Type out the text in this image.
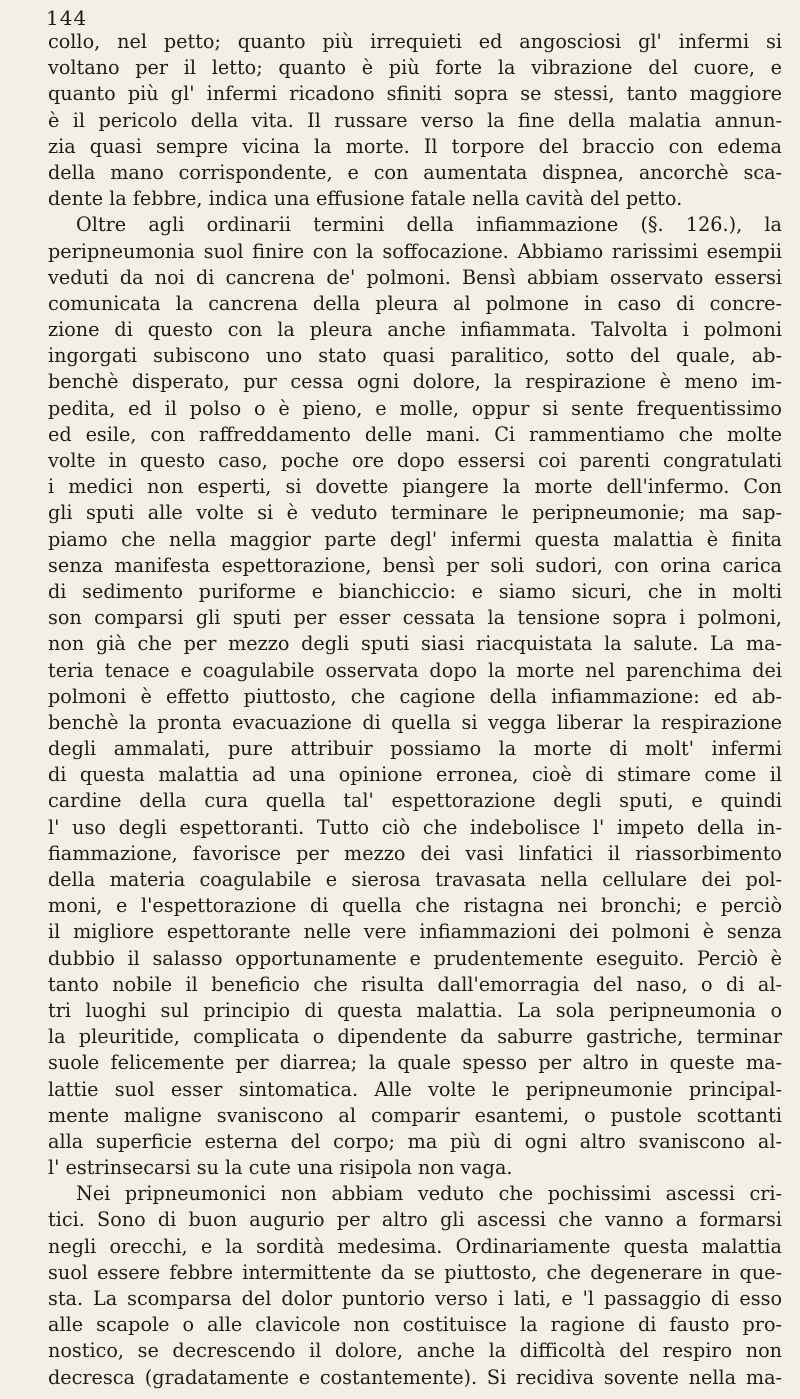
144
collo, nel petto; quanto più irrequieti ed angosciosi gl' infermi si
voltano per il letto; quanto è più forte la vibrazione del cuore, e
quanto più gl' infermi ricadono sfiniti sopra se stessi, tanto maggiore
è il pericolo della vita. Il russare verso la fine della malatia annun-
zia quasi sempre vicina la morte. Il torpore del braccio con edema
della mano corrispondente, e con aumentata dispnea, ancorchè sca-
dente la febbre, indica una effusione fatale nella cavità del petto.
Oltre agli ordinarii termini della infiammazione (§. 126.), la
peripneumonia suol finire con la soffocazione. Abbiamo rarissimi esempii
veduti da noi di cancrena de' polmoni. Bensì abbiam osservato essersi
comunicata la cancrena della pleura al polmone in caso di concre-
zione di questo con la pleura anche infiammata. Talvolta i polmoni
ingorgati subiscono uno stato quasi paralitico, sotto del quale, ab-
benchè disperato, pur cessa ogni dolore, la respirazione è meno im-
pedita, ed il polso o è pieno, e molle, oppur si sente frequentissimo
ed esile, con raffreddamento delle mani. Ci rammentiamo che molte
volte in questo caso, poche ore dopo essersi coi parenti congratulati
i medici non esperti, si dovette piangere la morte dell'infermo. Con
gli sputi alle volte si è veduto terminare le peripneumonie; ma sap-
piamo che nella maggior parte degl' infermi questa malattia è finita
senza manifesta espettorazione, bensì per soli sudori, con orina carica
di sedimento puriforme e bianchiccio: e siamo sicuri, che in molti
son comparsi gli sputi per esser cessata la tensione sopra i polmoni,
non già che per mezzo degli sputi siasi riacquistata la salute. La ma-
teria tenace e coagulabile osservata dopo la morte nel parenchima dei
polmoni è effetto piuttosto, che cagione della infiammazione: ed ab-
benchè la pronta evacuazione di quella si vegga liberar la respirazione
degli ammalati, pure attribuir possiamo la morte di molt' infermi
di questa malattia ad una opinione erronea, cioè di stimare come il
cardine della cura quella tal' espettorazione degli sputi, e quindi
l' uso degli espettoranti. Tutto ciò che indebolisce l' impeto della in-
fiammazione, favorisce per mezzo dei vasi linfatici il riassorbimento
della materia coagulabile e sierosa travasata nella cellulare dei pol-
moni, e l'espettorazione di quella che ristagna nei bronchi; e perciò
il migliore espettorante nelle vere infiammazioni dei polmoni è senza
dubbio il salasso opportunamente e prudentemente eseguito. Perciò è
tanto nobile il beneficio che risulta dall'emorragia del naso, o di al-
tri luoghi sul principio di questa malattia. La sola peripneumonia o
la pleuritide, complicata o dipendente da saburre gastriche, terminar
suole felicemente per diarrea; la quale spesso per altro in queste ma-
lattie suol esser sintomatica. Alle volte le peripneumonie principal-
mente maligne svaniscono al comparir esantemi, o pustole scottanti
alla superficie esterna del corpo; ma più di ogni altro svaniscono al-
l' estrinsecarsi su la cute una risipola non vaga.
Nei pripneumonici non abbiam veduto che pochissimi ascessi cri-
tici. Sono di buon augurio per altro gli ascessi che vanno a formarsi
negli orecchi, e la sordità medesima. Ordinariamente questa malattia
suol essere febbre intermittente da se piuttosto, che degenerare in que-
sta. La scomparsa del dolor puntorio verso i lati, e 'l passaggio di esso
alle scapole o alle clavicole non costituisce la ragione di fausto pro-
nostico, se decrescendo il dolore, anche la difficoltà del respiro non
decresca (gradatamente e costantemente). Si recidiva sovente nella ma-
